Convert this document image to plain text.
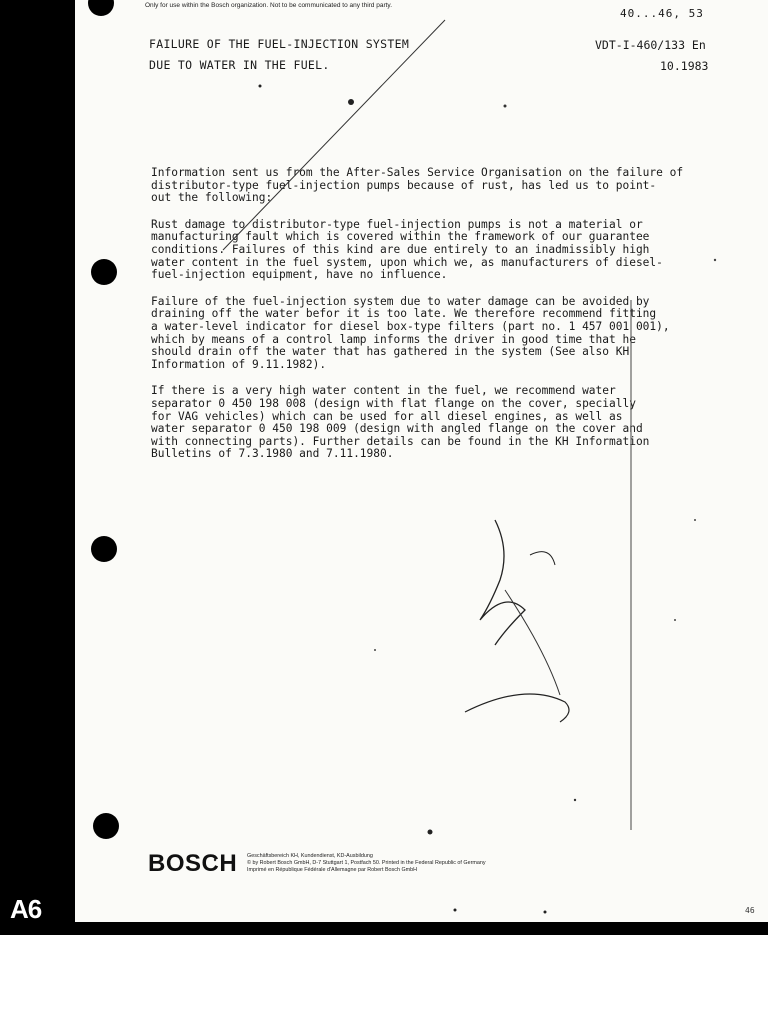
Only for use within the Bosch organization. Not to be communicated to any third party.
40...46, 53
FAILURE OF THE FUEL-INJECTION SYSTEM
DUE TO WATER IN THE FUEL.
VDT-I-460/133 En
10.1983

Information sent us from the After-Sales Service Organisation on the failure of
distributor-type fuel-injection pumps because of rust, has led us to point-
out the following:

Rust damage to distributor-type fuel-injection pumps is not a material or
manufacturing fault which is covered within the framework of our guarantee
conditions. Failures of this kind are due entirely to an inadmissibly high
water content in the fuel system, upon which we, as manufacturers of diesel-
fuel-injection equipment, have no influence.

Failure of the fuel-injection system due to water damage can be avoided by
draining off the water befor it is too late. We therefore recommend fitting
a water-level indicator for diesel box-type filters (part no. 1 457 001 001),
which by means of a control lamp informs the driver in good time that he
should drain off the water that has gathered in the system (See also KH
Information of 9.11.1982).

If there is a very high water content in the fuel, we recommend water
separator 0 450 198 008 (design with flat flange on the cover, specially
for VAG vehicles) which can be used for all diesel engines, as well as
water separator 0 450 198 009 (design with angled flange on the cover and
with connecting parts). Further details can be found in the KH Information
Bulletins of 7.3.1980 and 7.11.1980.

BOSCH Geschäftsbereich KH, Kundendienst, KD-Ausbildung
© by Robert Bosch GmbH, D-7 Stuttgart 1, Postfach 50. Printed in the Federal Republic of Germany
Imprimé en République Fédérale d'Allemagne par Robert Bosch GmbH
46
A6
